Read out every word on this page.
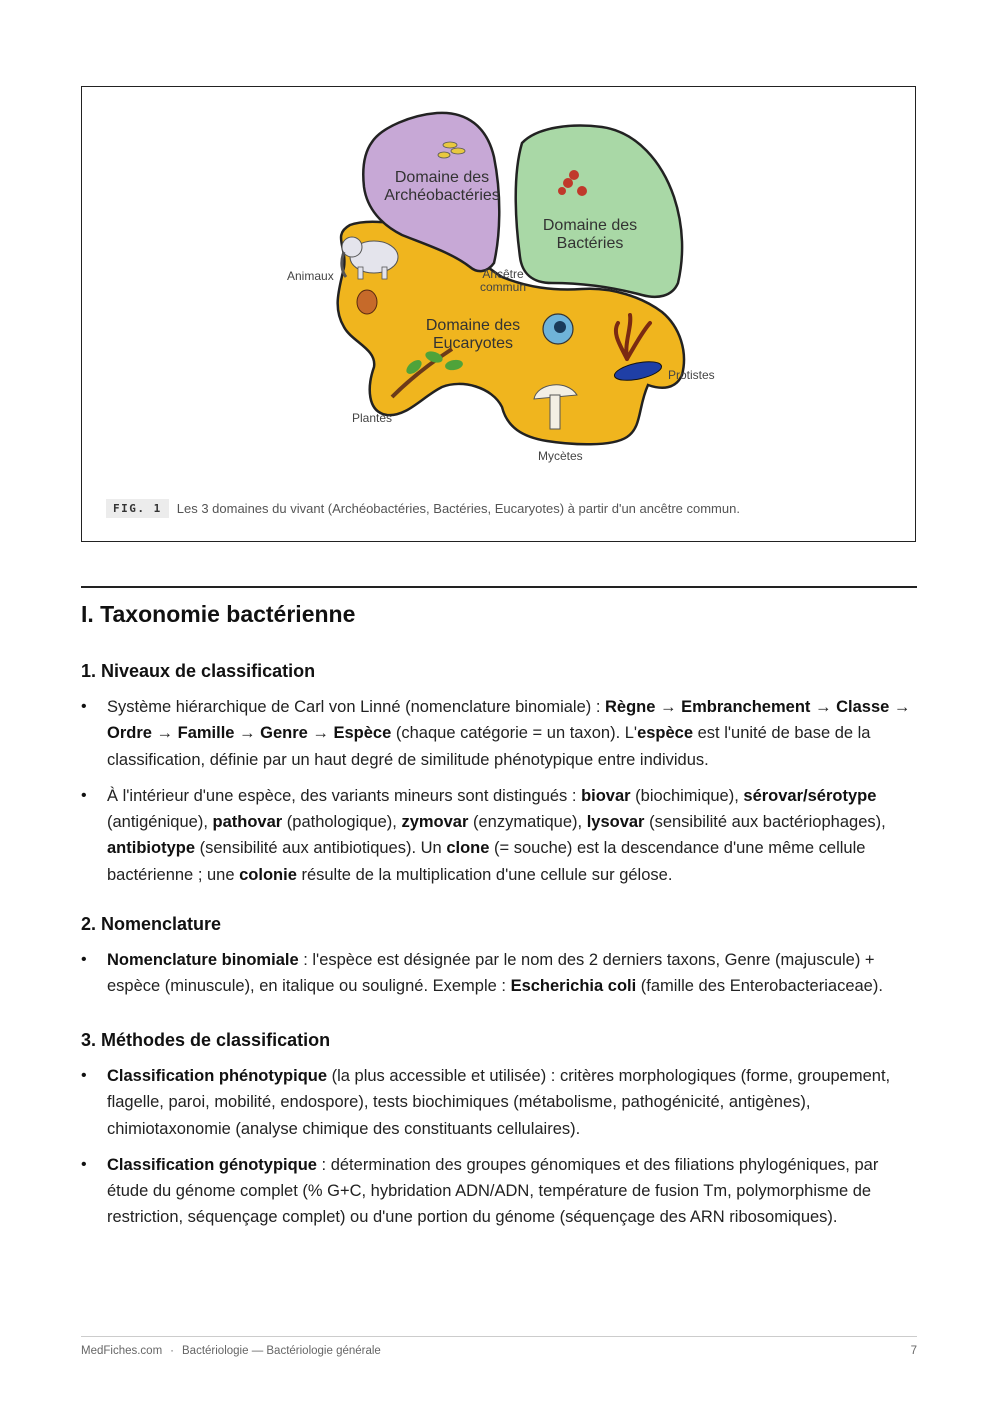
Domaine des
Archéobactéries
Domaine des
Bactéries
Domaine des
Eucaryotes
Ancêtre
commun
Animaux
Plantes
Protistes
Mycètes
FIG. 1	Les 3 domaines du vivant (Archéobactéries, Bactéries, Eucaryotes) à partir d'un ancêtre commun.
I. Taxonomie bactérienne
1. Niveaux de classification
• Système hiérarchique de Carl von Linné (nomenclature binomiale) : Règne → Embranchement → Classe → Ordre → Famille → Genre → Espèce (chaque catégorie = un taxon). L'espèce est l'unité de base de la classification, définie par un haut degré de similitude phénotypique entre individus.
• À l'intérieur d'une espèce, des variants mineurs sont distingués : biovar (biochimique), sérovar/sérotype (antigénique), pathovar (pathologique), zymovar (enzymatique), lysovar (sensibilité aux bactériophages), antibiotype (sensibilité aux antibiotiques). Un clone (= souche) est la descendance d'une même cellule bactérienne ; une colonie résulte de la multiplication d'une cellule sur gélose.
2. Nomenclature
• Nomenclature binomiale : l'espèce est désignée par le nom des 2 derniers taxons, Genre (majuscule) + espèce (minuscule), en italique ou souligné. Exemple : Escherichia coli (famille des Enterobacteriaceae).
3. Méthodes de classification
• Classification phénotypique (la plus accessible et utilisée) : critères morphologiques (forme, groupement, flagelle, paroi, mobilité, endospore), tests biochimiques (métabolisme, pathogénicité, antigènes), chimiotaxonomie (analyse chimique des constituants cellulaires).
• Classification génotypique : détermination des groupes génomiques et des filiations phylogéniques, par étude du génome complet (% G+C, hybridation ADN/ADN, température de fusion Tm, polymorphisme de restriction, séquençage complet) ou d'une portion du génome (séquençage des ARN ribosomiques).
MedFiches.com · Bactériologie — Bactériologie générale	7
